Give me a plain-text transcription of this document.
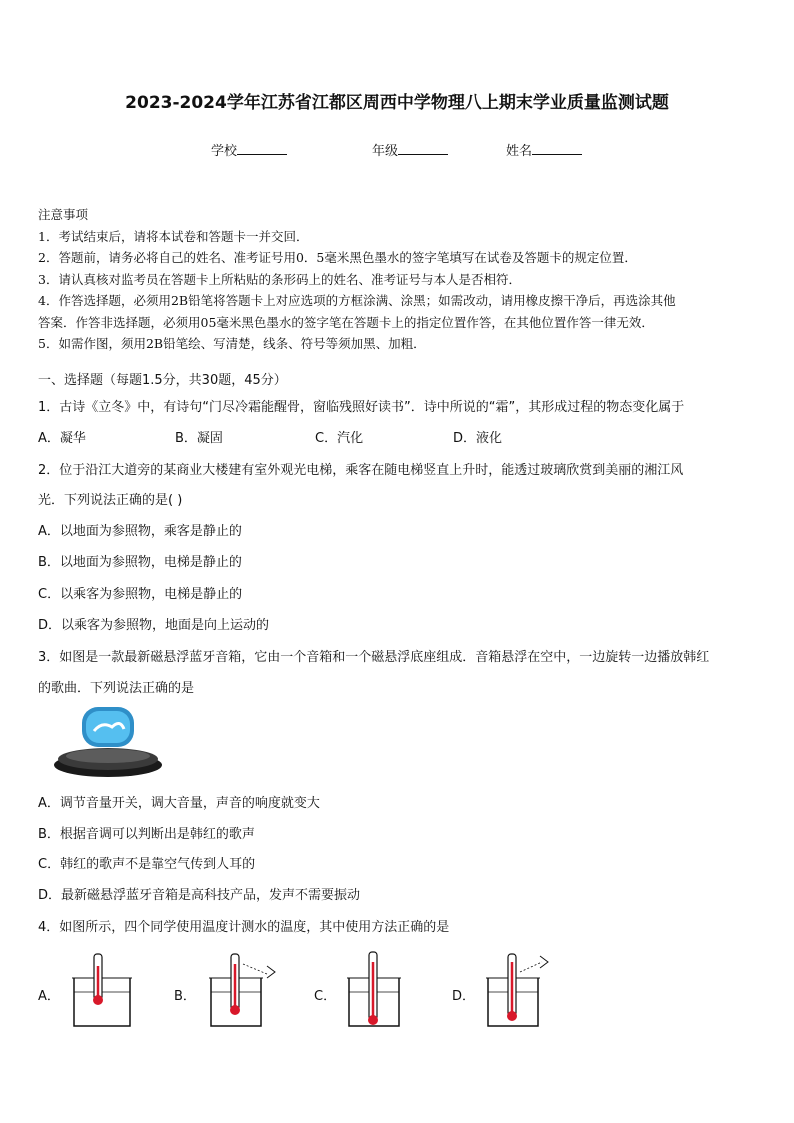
2023-2024学年江苏省江都区周西中学物理八上期末学业质量监测试题
学校	年级	姓名

注意事项

1．考试结束后，请将本试卷和答题卡一并交回．

2．答题前，请务必将自己的姓名、准考证号用0．5毫米黑色墨水的签字笔填写在试卷及答题卡的规定位置．

3．请认真核对监考员在答题卡上所粘贴的条形码上的姓名、准考证号与本人是否相符．

4．作答选择题，必须用2B铅笔将答题卡上对应选项的方框涂满、涂黑；如需改动，请用橡皮擦干净后，再选涂其他

答案．作答非选择题，必须用05毫米黑色墨水的签字笔在答题卡上的指定位置作答，在其他位置作答一律无效．

5．如需作图，须用2B铅笔绘、写清楚，线条、符号等须加黑、加粗．

一、选择题（每题1.5分，共30题，45分）
1．古诗《立冬》中，有诗句“门尽冷霜能醒骨，窗临残照好读书”．诗中所说的“霜”，其形成过程的物态变化属于
A．凝华	B．凝固	C．汽化	D．液化
2．位于沿江大道旁的某商业大楼建有室外观光电梯，乘客在随电梯竖直上升时，能透过玻璃欣赏到美丽的湘江风
光．下列说法正确的是( )
A．以地面为参照物，乘客是静止的
B．以地面为参照物，电梯是静止的
C．以乘客为参照物，电梯是静止的
D．以乘客为参照物，地面是向上运动的
3．如图是一款最新磁悬浮蓝牙音箱，它由一个音箱和一个磁悬浮底座组成．音箱悬浮在空中，一边旋转一边播放韩红
的歌曲．下列说法正确的是
A．调节音量开关，调大音量，声音的响度就变大
B．根据音调可以判断出是韩红的歌声
C．韩红的歌声不是靠空气传到人耳的
D．最新磁悬浮蓝牙音箱是高科技产品，发声不需要振动
4．如图所示，四个同学使用温度计测水的温度，其中使用方法正确的是
A．	B．	C．	D．
